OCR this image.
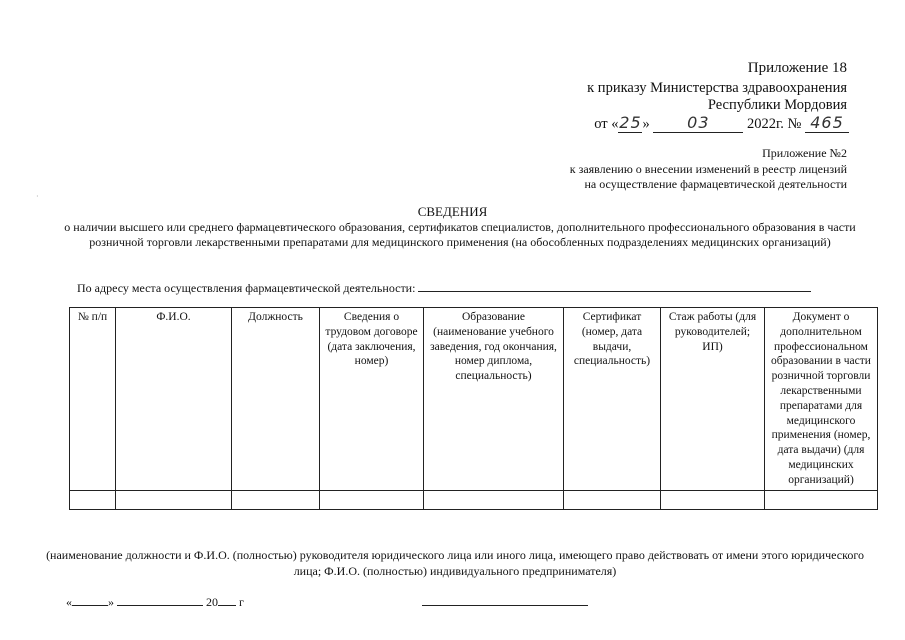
Приложение 18
к приказу Министерства здравоохранения
Республики Мордовия
от «25» 03	2022г. № 465
Приложение №2
к заявлению о внесении изменений в реестр лицензий
на осуществление фармацевтической деятельности
·
СВЕДЕНИЯ
о наличии высшего или среднего фармацевтического образования, сертификатов специалистов, дополнительного профессионального образования в части розничной торговли лекарственными препаратами для медицинского применения (на обособленных подразделениях медицинских организаций)
По адресу места осуществления фармацевтической деятельности:
№ п/п	Ф.И.О.	Должность	Сведения о трудовом договоре (дата заключения, номер)	Образование (наименование учебного заведения, год окончания, номер диплома, специальность)	Сертификат (номер, дата выдачи, специальность)	Стаж работы (для руководителей; ИП)	Документ о дополнительном профессиональном образовании в части розничной торговли лекарственными препаратами для медицинского применения (номер, дата выдачи) (для медицинских организаций)

(наименование должности и Ф.И.О. (полностью) руководителя юридического лица или иного лица, имеющего право действовать от имени этого юридического лица; Ф.И.О. (полностью) индивидуального предпринимателя)
«	»	20 г
